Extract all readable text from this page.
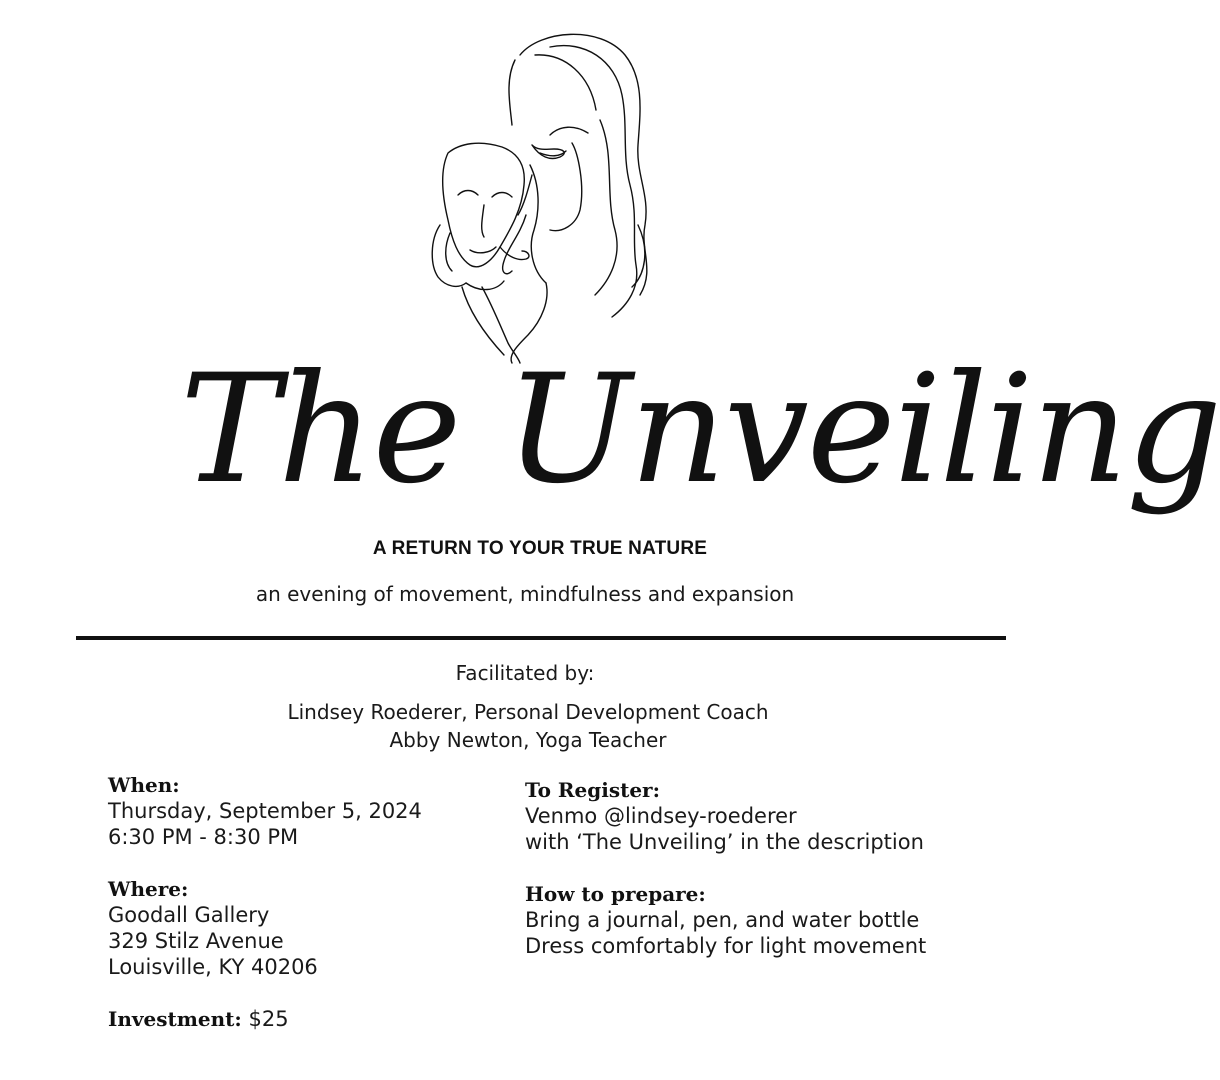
The Unveiling
A RETURN TO YOUR TRUE NATURE
an evening of movement, mindfulness and expansion
Facilitated by:
Lindsey Roederer, Personal Development Coach
Abby Newton, Yoga Teacher
When:
Thursday, September 5, 2024
6:30 PM - 8:30 PM
Where:
Goodall Gallery
329 Stilz Avenue
Louisville, KY 40206
Investment: $25
To Register:
Venmo @lindsey-roederer
with ‘The Unveiling’ in the description
How to prepare:
Bring a journal, pen, and water bottle
Dress comfortably for light movement
